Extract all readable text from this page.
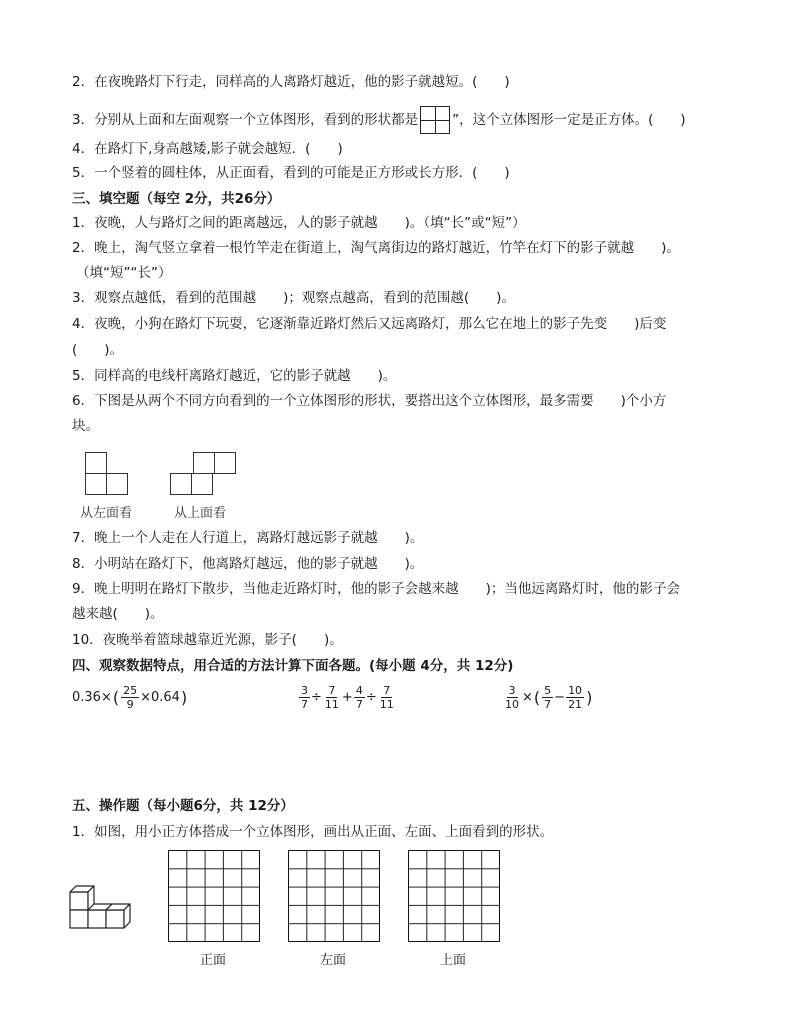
2．在夜晚路灯下行走，同样高的人离路灯越近，他的影子就越短。(　　)
3．分别从上面和左面观察一个立体图形，看到的形状都是	”，这个立体图形一定是正方体。(　　)
4．在路灯下,身高越矮,影子就会越短．(　　)
5．一个竖着的圆柱体，从正面看，看到的可能是正方形或长方形．(　　)
三、填空题（每空 2分，共26分）
1．夜晚，人与路灯之间的距离越远，人的影子就越　　)。（填“长”或“短”）
2．晚上，淘气竖立拿着一根竹竿走在街道上，淘气离街边的路灯越近，竹竿在灯下的影子就越　　)。
（填“短”“长”）
3．观察点越低，看到的范围越　　)；观察点越高，看到的范围越(　　)。
4．夜晚，小狗在路灯下玩耍，它逐渐靠近路灯然后又远离路灯，那么它在地上的影子先变　　)后变
(　　)。
5．同样高的电线杆离路灯越近，它的影子就越　　)。
6．下图是从两个不同方向看到的一个立体图形的形状，要搭出这个立体图形，最多需要　　)个小方
块。
从左面看	从上面看
7．晚上一个人走在人行道上，离路灯越远影子就越　　)。
8．小明站在路灯下，他离路灯越远，他的影子就越　　)。
9．晚上明明在路灯下散步，当他走近路灯时，他的影子会越来越　　)；当他远离路灯时，他的影子会
越来越(　　)。
10．夜晚举着篮球越靠近光源，影子(　　)。
四、观察数据特点，用合适的方法计算下面各题。(每小题 4分，共 12分)
0.36× ( $\frac{25}{9} \times 0.64$ )	$\frac{3}{7} \div \frac{7}{11} + \frac{4}{7} \div \frac{7}{11}$	$\frac{3}{10}$ × ( $\frac{5}{7} - \frac{10}{21}$ )
五、操作题（每小题6分，共 12分）
1．如图，用小正方体搭成一个立体图形，画出从正面、左面、上面看到的形状。
正面	左面	上面
